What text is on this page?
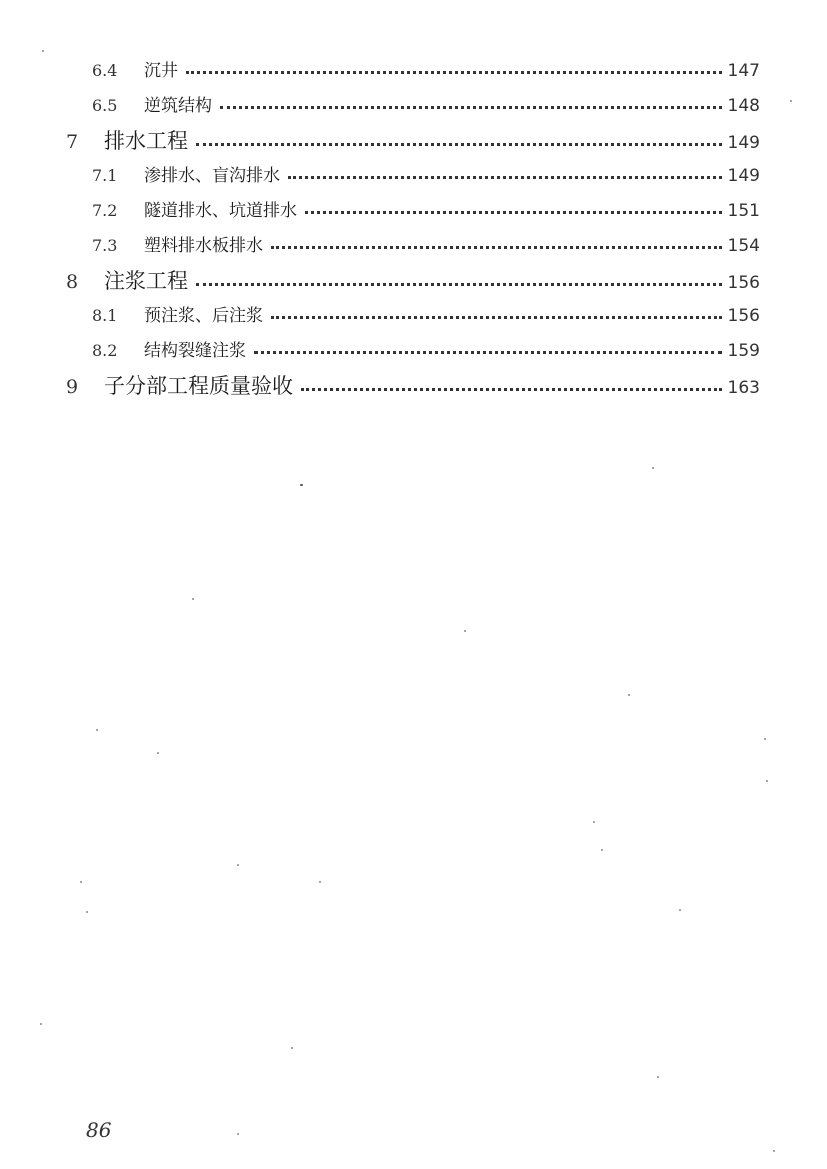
6.4	沉井	147
6.5	逆筑结构	148
7	排水工程	149
7.1	渗排水、盲沟排水	149
7.2	隧道排水、坑道排水	151
7.3	塑料排水板排水	154
8	注浆工程	156
8.1	预注浆、后注浆	156
8.2	结构裂缝注浆	159
9	子分部工程质量验收	163
86
